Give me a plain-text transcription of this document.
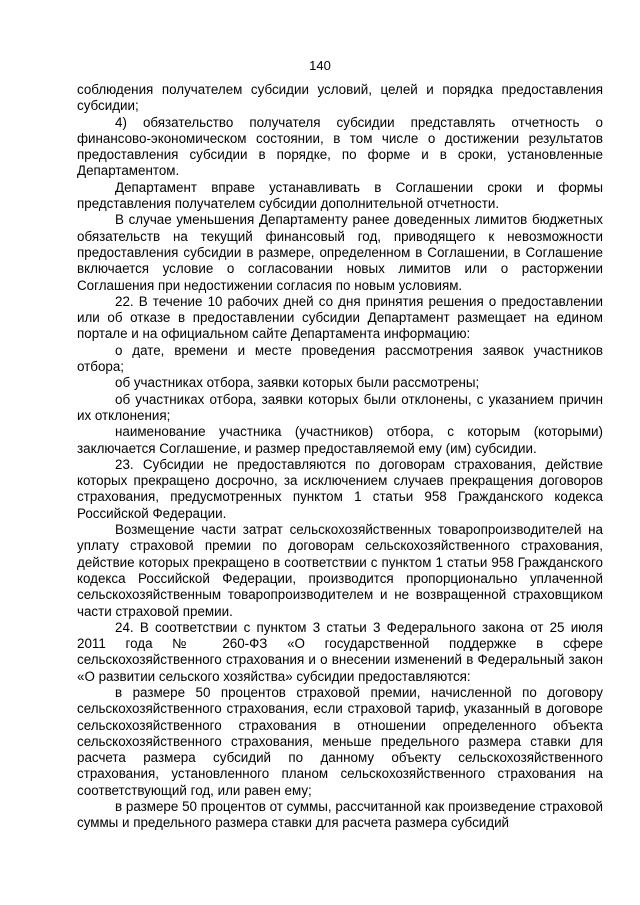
140

соблюдения получателем субсидии условий, целей и порядка предоставления субсидии;

4) обязательство получателя субсидии представлять отчетность о финансово-экономическом состоянии, в том числе о достижении результатов предоставления субсидии в порядке, по форме и в сроки, установленные Департаментом.

Департамент вправе устанавливать в Соглашении сроки и формы представления получателем субсидии дополнительной отчетности.

В случае уменьшения Департаменту ранее доведенных лимитов бюджетных обязательств на текущий финансовый год, приводящего к невозможности предоставления субсидии в размере, определенном в Соглашении, в Соглашение включается условие о согласовании новых лимитов или о расторжении Соглашения при недостижении согласия по новым условиям.

22. В течение 10 рабочих дней со дня принятия решения о предоставлении или об отказе в предоставлении субсидии Департамент размещает на едином портале и на официальном сайте Департамента информацию:

о дате, времени и месте проведения рассмотрения заявок участников отбора;

об участниках отбора, заявки которых были рассмотрены;

об участниках отбора, заявки которых были отклонены, с указанием причин их отклонения;

наименование участника (участников) отбора, с которым (которыми) заключается Соглашение, и размер предоставляемой ему (им) субсидии.

23. Субсидии не предоставляются по договорам страхования, действие которых прекращено досрочно, за исключением случаев прекращения договоров страхования, предусмотренных пунктом 1 статьи 958 Гражданского кодекса Российской Федерации.

Возмещение части затрат сельскохозяйственных товаропроизводителей на уплату страховой премии по договорам сельскохозяйственного страхования, действие которых прекращено в соответствии с пунктом 1 статьи 958 Гражданского кодекса Российской Федерации, производится пропорционально уплаченной сельскохозяйственным товаропроизводителем и не возвращенной страховщиком части страховой премии.

24. В соответствии с пунктом 3 статьи 3 Федерального закона от 25 июля 2011 года № 260-ФЗ «О государственной поддержке в сфере сельскохозяйственного страхования и о внесении изменений в Федеральный закон «О развитии сельского хозяйства» субсидии предоставляются:

в размере 50 процентов страховой премии, начисленной по договору сельскохозяйственного страхования, если страховой тариф, указанный в договоре сельскохозяйственного страхования в отношении определенного объекта сельскохозяйственного страхования, меньше предельного размера ставки для расчета размера субсидий по данному объекту сельскохозяйственного страхования, установленного планом сельскохозяйственного страхования на соответствующий год, или равен ему;

в размере 50 процентов от суммы, рассчитанной как произведение страховой суммы и предельного размера ставки для расчета размера субсидий
